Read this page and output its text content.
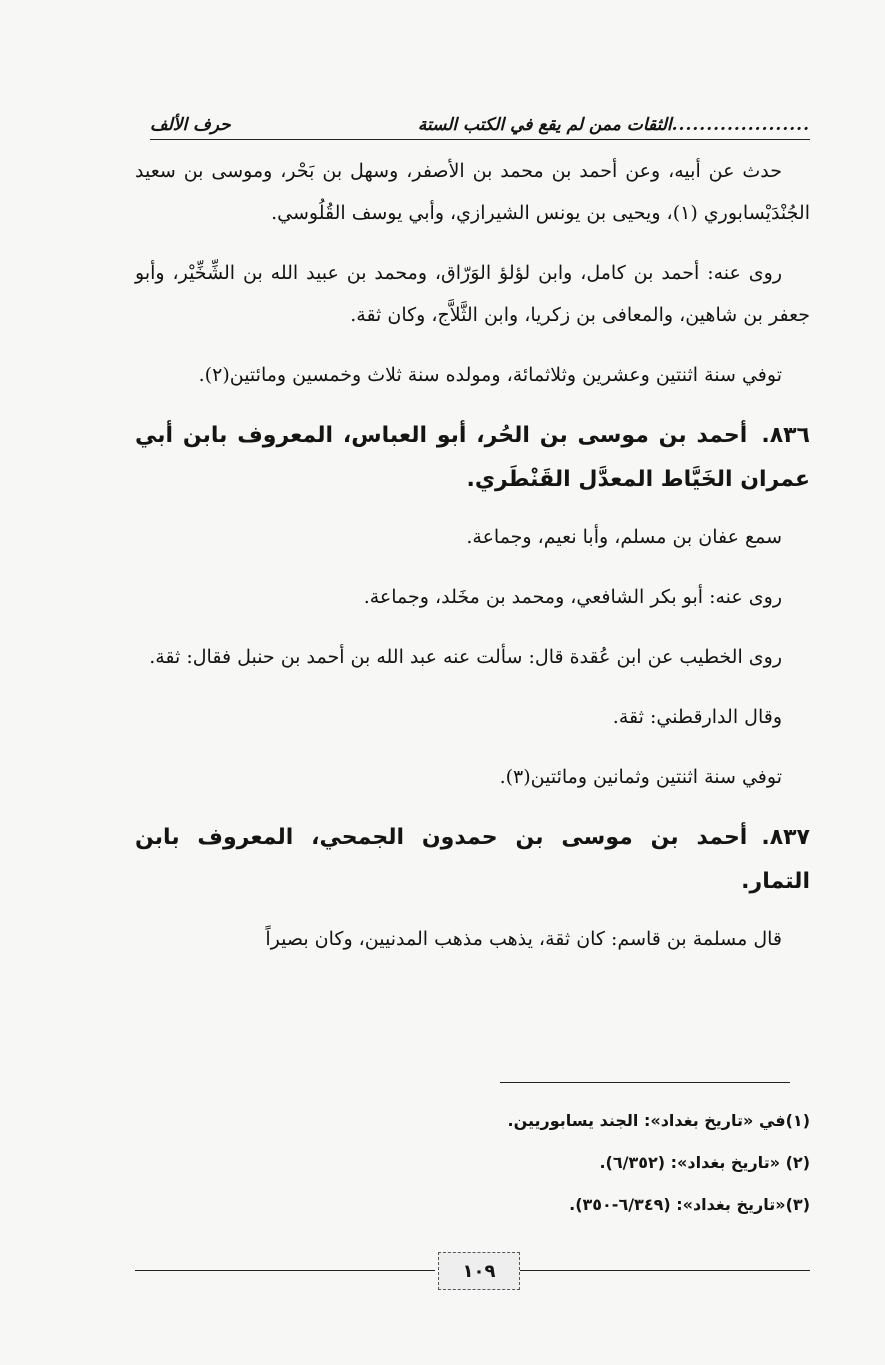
حرف الألف	....................
الثقات ممن لم يقع في الكتب الستة

حدث عن أبيه، وعن أحمد بن محمد بن الأصفر، وسهل بن بَحْر، وموسى بن سعيد الجُنْدَيْسابوري (١)، ويحيى بن يونس الشيرازي، وأبي يوسف القُلُوسي.

روى عنه: أحمد بن كامل، وابن لؤلؤ الوَرّاق، ومحمد بن عبيد الله بن الشِّخِّيْر، وأبو جعفر بن شاهين، والمعافى بن زكريا، وابن الثَّلاَّج، وكان ثقة.

توفي سنة اثنتين وعشرين وثلاثمائة، ومولده سنة ثلاث وخمسين ومائتين(٢).

٨٣٦.أحمد بن موسى بن الحُر، أبو العباس، المعروف بابن أبي عمران الخَيَّاط المعدَّل القَنْطَري.

سمع عفان بن مسلم، وأبا نعيم، وجماعة.

روى عنه: أبو بكر الشافعي، ومحمد بن مخَلد، وجماعة.

روى الخطيب عن ابن عُقدة قال: سألت عنه عبد الله بن أحمد بن حنبل فقال: ثقة.

وقال الدارقطني: ثقة.

توفي سنة اثنتين وثمانين ومائتين(٣).

٨٣٧.أحمد بن موسى بن حمدون الجمحي، المعروف بابن التمار.

قال مسلمة بن قاسم: كان ثقة، يذهب مذهب المدنيين، وكان بصيراً

(١)في «تاريخ بغداد»: الجند يسابوريين.
(٢) «تاريخ بغداد»: (٦/٣٥٢).
(٣)«تاريخ بغداد»: (٦/٣٤٩-٣٥٠).
١٠٩
